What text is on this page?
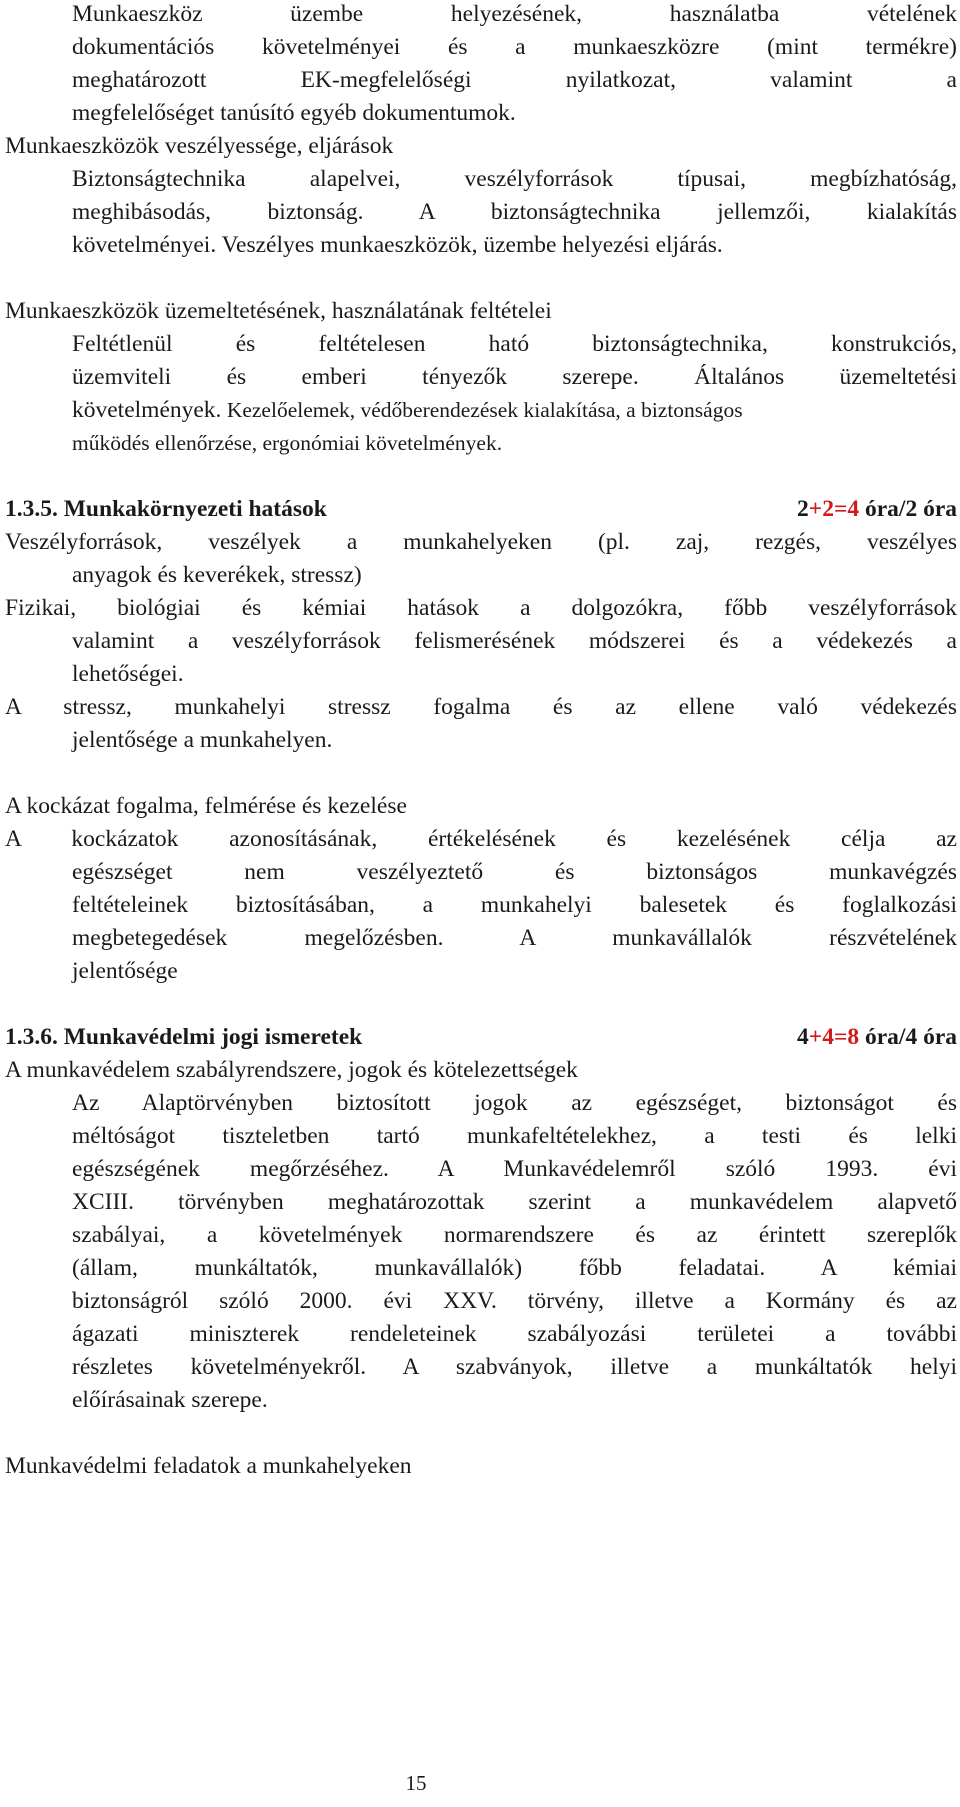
Munkaeszköz üzembe helyezésének, használatba vételének

dokumentációs követelményei és a munkaeszközre (mint termékre)

meghatározott EK-megfelelőségi nyilatkozat, valamint a

megfelelőséget tanúsító egyéb dokumentumok.

Munkaeszközök veszélyessége, eljárások

Biztonságtechnika alapelvei, veszélyforrások típusai, megbízhatóság,

meghibásodás, biztonság. A biztonságtechnika jellemzői, kialakítás

követelményei. Veszélyes munkaeszközök, üzembe helyezési eljárás.

Munkaeszközök üzemeltetésének, használatának feltételei

Feltétlenül és feltételesen ható biztonságtechnika, konstrukciós,

üzemviteli és emberi tényezők szerepe. Általános üzemeltetési

követelmények. Kezelőelemek, védőberendezések kialakítása, a biztonságos

működés ellenőrzése, ergonómiai követelmények.

1.3.5. Munkakörnyezeti hatások	2+2=4 óra/2 óra

Veszélyforrások, veszélyek a munkahelyeken (pl. zaj, rezgés, veszélyes

anyagok és keverékek, stressz)

Fizikai, biológiai és kémiai hatások a dolgozókra, főbb veszélyforrások

valamint a veszélyforrások felismerésének módszerei és a védekezés a

lehetőségei.

A stressz, munkahelyi stressz fogalma és az ellene való védekezés

jelentősége a munkahelyen.

A kockázat fogalma, felmérése és kezelése

A kockázatok azonosításának, értékelésének és kezelésének célja az

egészséget nem veszélyeztető és biztonságos munkavégzés

feltételeinek biztosításában, a munkahelyi balesetek és foglalkozási

megbetegedések megelőzésben. A munkavállalók részvételének

jelentősége

1.3.6. Munkavédelmi jogi ismeretek	4+4=8 óra/4 óra

A munkavédelem szabályrendszere, jogok és kötelezettségek

Az Alaptörvényben biztosított jogok az egészséget, biztonságot és

méltóságot tiszteletben tartó munkafeltételekhez, a testi és lelki

egészségének megőrzéséhez. A Munkavédelemről szóló 1993. évi

XCIII. törvényben meghatározottak szerint a munkavédelem alapvető

szabályai, a követelmények normarendszere és az érintett szereplők

(állam, munkáltatók, munkavállalók) főbb feladatai. A kémiai

biztonságról szóló 2000. évi XXV. törvény, illetve a Kormány és az

ágazati miniszterek rendeleteinek szabályozási területei a további

részletes követelményekről. A szabványok, illetve a munkáltatók helyi

előírásainak szerepe.

Munkavédelmi feladatok a munkahelyeken

15
